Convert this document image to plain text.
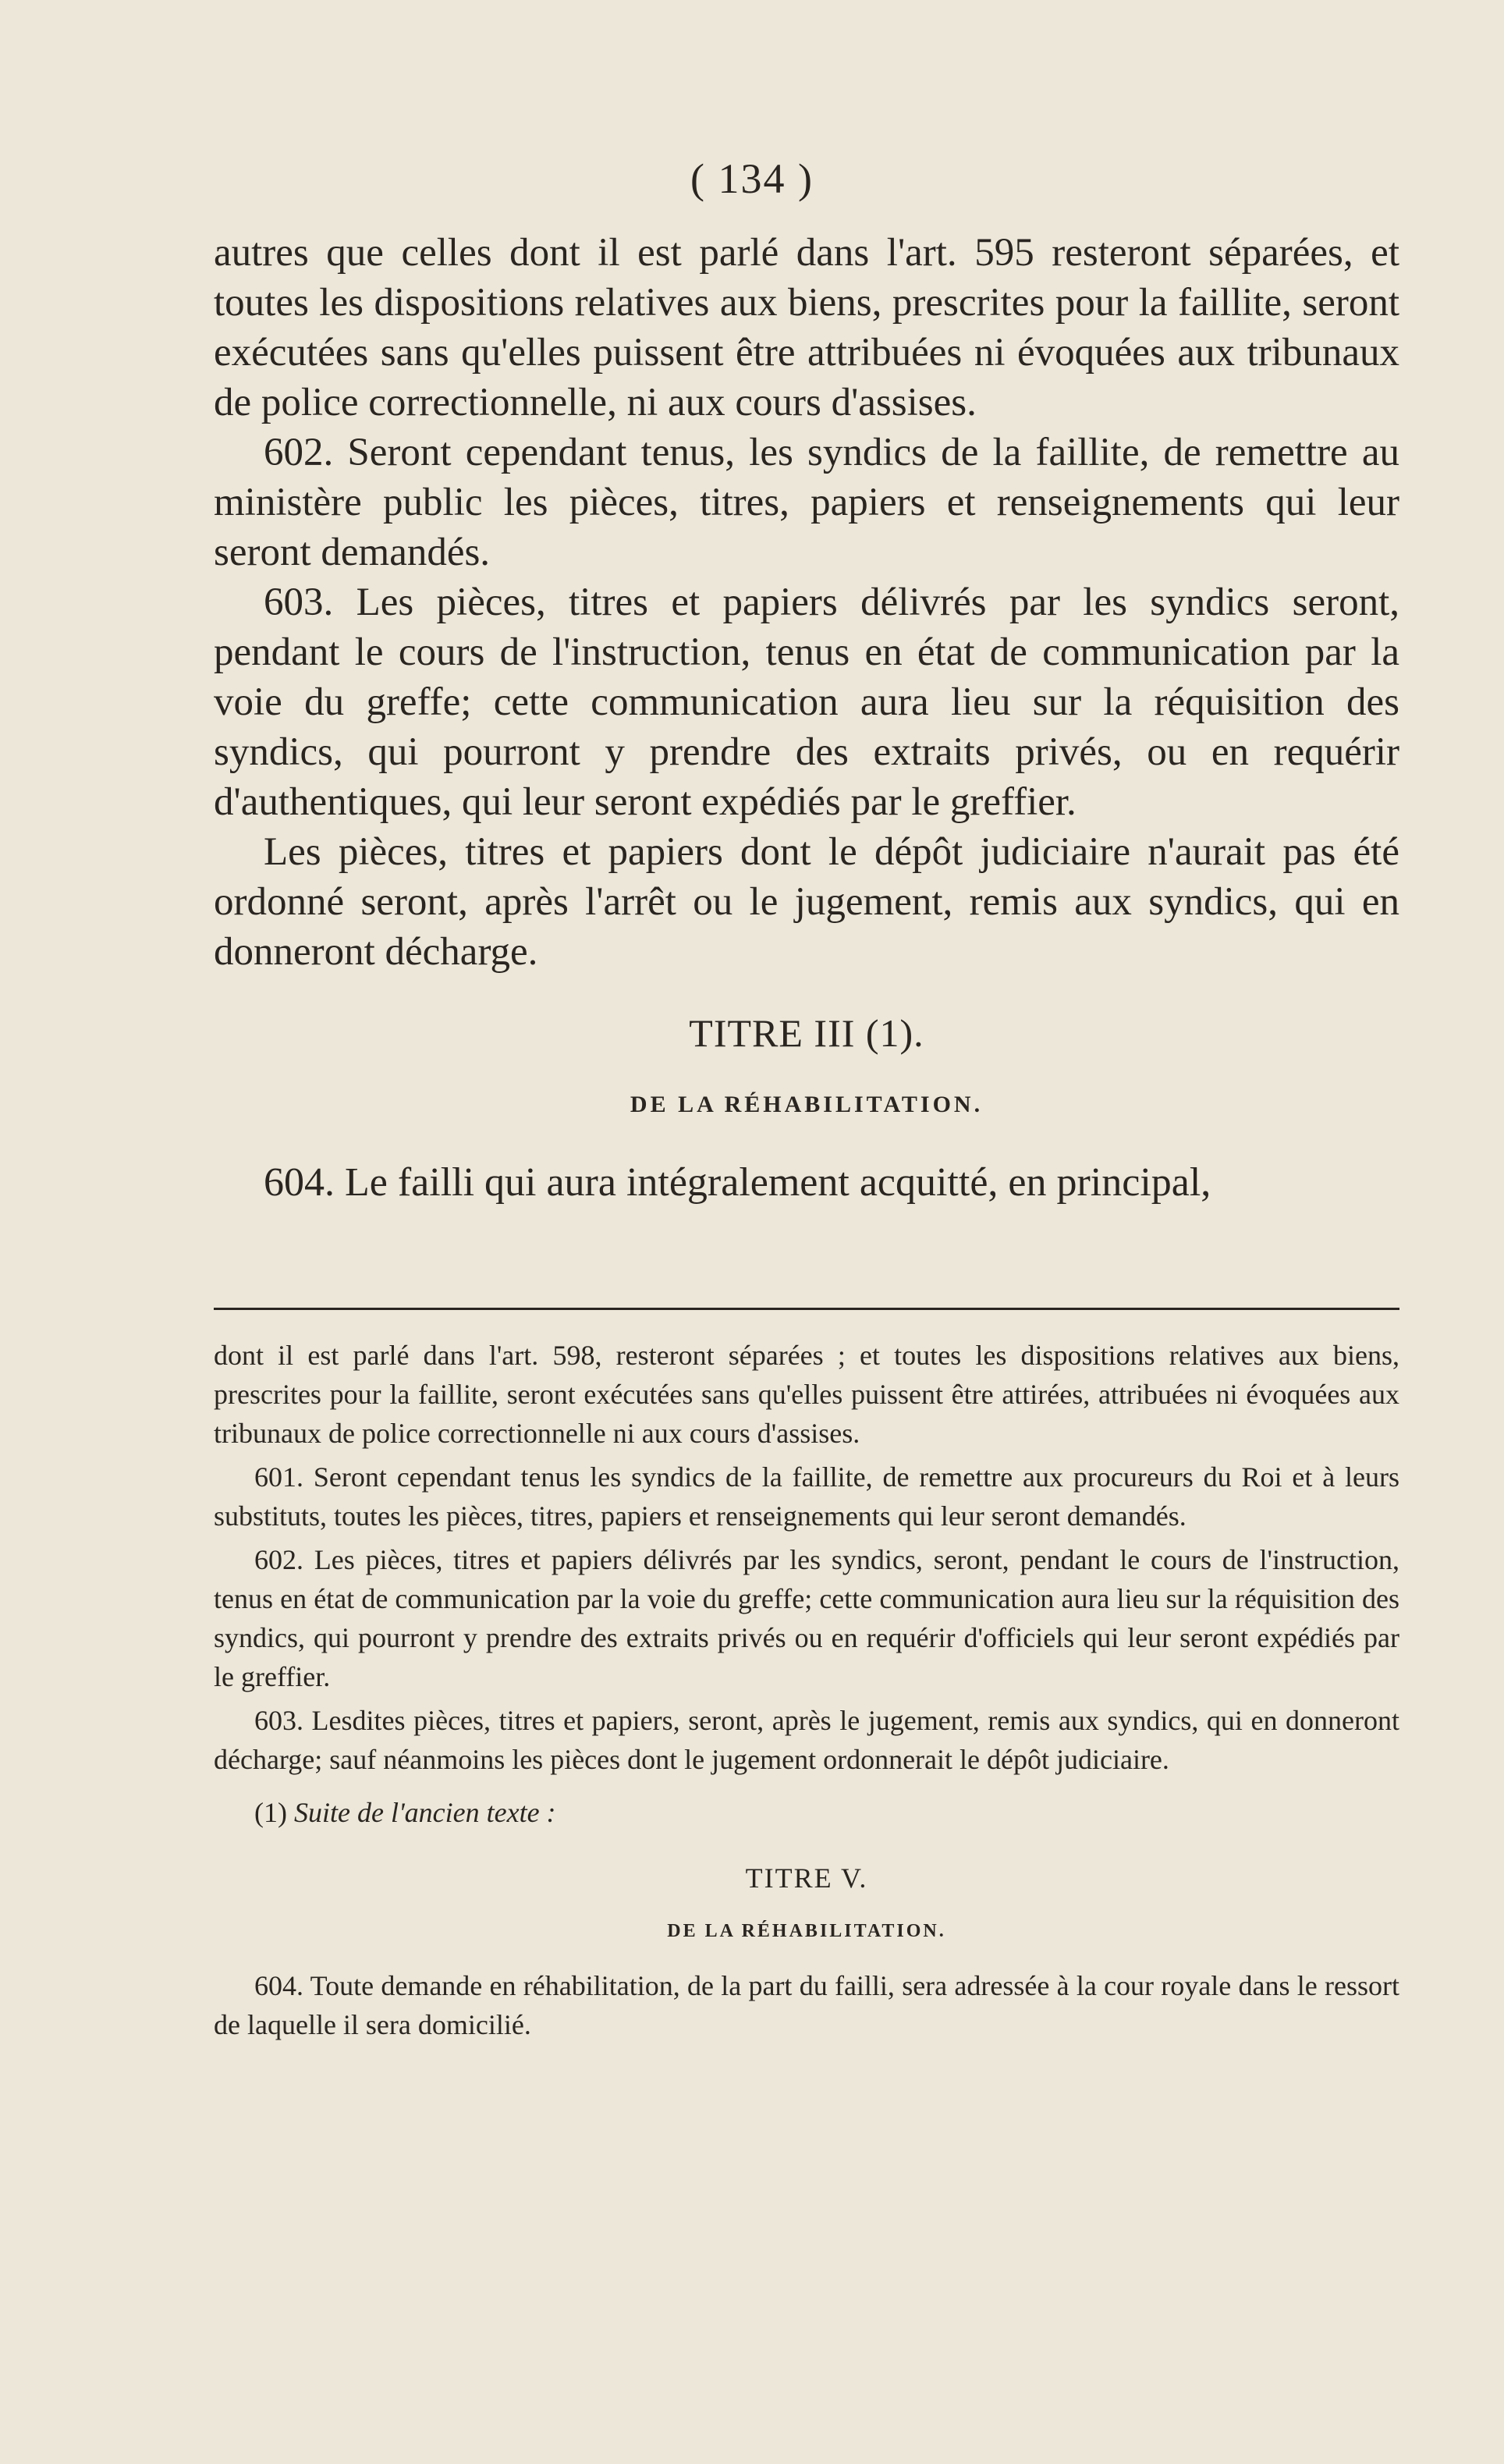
( 134 )

autres que celles dont il est parlé dans l'art. 595 resteront séparées, et toutes les dispositions relatives aux biens, prescrites pour la faillite, seront exécutées sans qu'elles puissent être attribuées ni évoquées aux tribunaux de police correctionnelle, ni aux cours d'assises.

602. Seront cependant tenus, les syndics de la faillite, de remettre au ministère public les pièces, titres, papiers et renseignements qui leur seront demandés.

603. Les pièces, titres et papiers délivrés par les syndics seront, pendant le cours de l'instruction, tenus en état de communication par la voie du greffe; cette communication aura lieu sur la réquisition des syndics, qui pourront y prendre des extraits privés, ou en requérir d'authentiques, qui leur seront expédiés par le greffier.

Les pièces, titres et papiers dont le dépôt judiciaire n'aurait pas été ordonné seront, après l'arrêt ou le jugement, remis aux syndics, qui en donneront décharge.

TITRE III (1).
DE LA RÉHABILITATION.

604. Le failli qui aura intégralement acquitté, en principal,

dont il est parlé dans l'art. 598, resteront séparées ; et toutes les dispositions relatives aux biens, prescrites pour la faillite, seront exécutées sans qu'elles puissent être attirées, attribuées ni évoquées aux tribunaux de police correctionnelle ni aux cours d'assises.

601. Seront cependant tenus les syndics de la faillite, de remettre aux procureurs du Roi et à leurs substituts, toutes les pièces, titres, papiers et renseignements qui leur seront demandés.

602. Les pièces, titres et papiers délivrés par les syndics, seront, pendant le cours de l'instruction, tenus en état de communication par la voie du greffe; cette communication aura lieu sur la réquisition des syndics, qui pourront y prendre des extraits privés ou en requérir d'officiels qui leur seront expédiés par le greffier.

603. Lesdites pièces, titres et papiers, seront, après le jugement, remis aux syndics, qui en donneront décharge; sauf néanmoins les pièces dont le jugement ordonnerait le dépôt judiciaire.

(1) Suite de l'ancien texte :

TITRE V.
DE LA RÉHABILITATION.

604. Toute demande en réhabilitation, de la part du failli, sera adressée à la cour royale dans le ressort de laquelle il sera domicilié.
